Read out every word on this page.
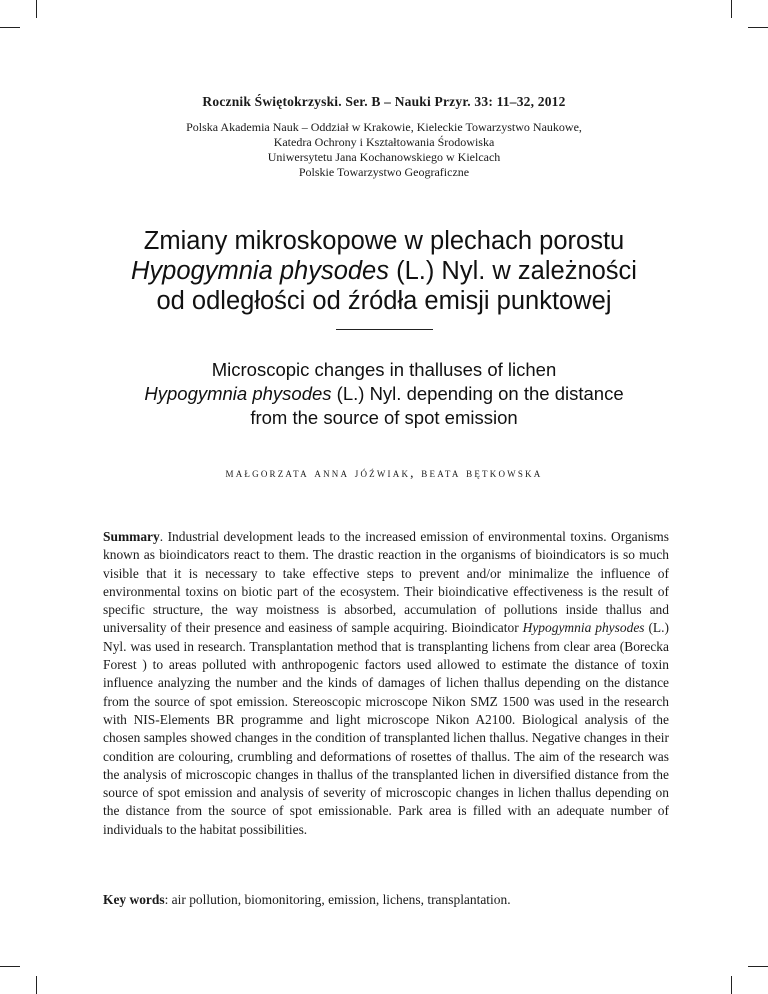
Rocznik Świętokrzyski. Ser. B – Nauki Przyr. 33: 11–32, 2012
Polska Akademia Nauk – Oddział w Krakowie, Kieleckie Towarzystwo Naukowe,
Katedra Ochrony i Kształtowania Środowiska
Uniwersytetu Jana Kochanowskiego w Kielcach
Polskie Towarzystwo Geograficzne
Zmiany mikroskopowe w plechach porostu
Hypogymnia physodes (L.) Nyl. w zależności
od odległości od źródła emisji punktowej
Microscopic changes in thalluses of lichen
Hypogymnia physodes (L.) Nyl. depending on the distance
from the source of spot emission
małgorzata anna jóźwiak, beata bętkowska
Summary. Industrial development leads to the increased emission of environmental toxins. Organisms known as bioindicators react to them. The drastic reaction in the organisms of bioindicators is so much visible that it is necessary to take effective steps to prevent and/or minimalize the influence of environmental toxins on biotic part of the ecosystem. Their bioindicative effectiveness is the result of specific structure, the way moistness is absorbed, accumulation of pollutions inside thallus and universality of their presence and easiness of sample acquiring. Bioindicator Hypogymnia physodes (L.) Nyl. was used in research. Transplantation method that is transplanting lichens from clear area (Borecka Forest ) to areas polluted with anthropogenic factors used allowed to estimate the distance of toxin influence analyzing the number and the kinds of damages of lichen thallus depending on the distance from the source of spot emission. Stereoscopic microscope Nikon SMZ 1500 was used in the research with NIS-Elements BR programme and light microscope Nikon A2100. Biological analysis of the chosen samples showed changes in the condition of transplanted lichen thallus. Negative changes in their condition are colouring, crumbling and deformations of rosettes of thallus. The aim of the research was the analysis of microscopic changes in thallus of the transplanted lichen in diversified distance from the source of spot emission and analysis of severity of microscopic changes in lichen thallus depending on the distance from the source of spot emissionable. Park area is filled with an adequate number of individuals to the habitat possibilities.
Key words: air pollution, biomonitoring, emission, lichens, transplantation.
